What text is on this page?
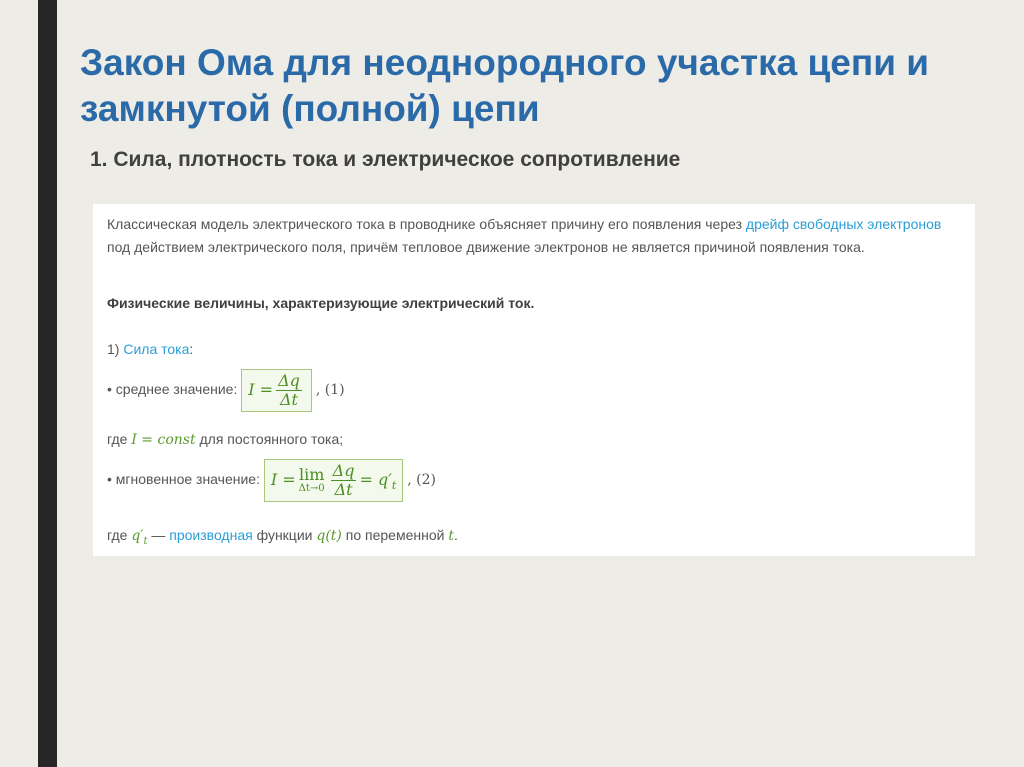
Закон Ома для неоднородного участка цепи и замкнутой (полной) цепи
1. Сила, плотность тока и электрическое сопротивление
Классическая модель электрического тока в проводнике объясняет причину его появления через дрейф свободных электронов под действием электрического поля, причём тепловое движение электронов не является причиной появления тока.
Физические величины, характеризующие электрический ток.
1) Сила тока:
• среднее значение: $I = \frac{\Delta q}{\Delta t}$ , (1)
где I = const для постоянного тока;
• мгновенное значение: I = lim
$\Delta t\to 0 \frac{\Delta q}{\Delta t} = q'_t$ , (2)
где $q'_t$ — производная функции q(t) по переменной t.
